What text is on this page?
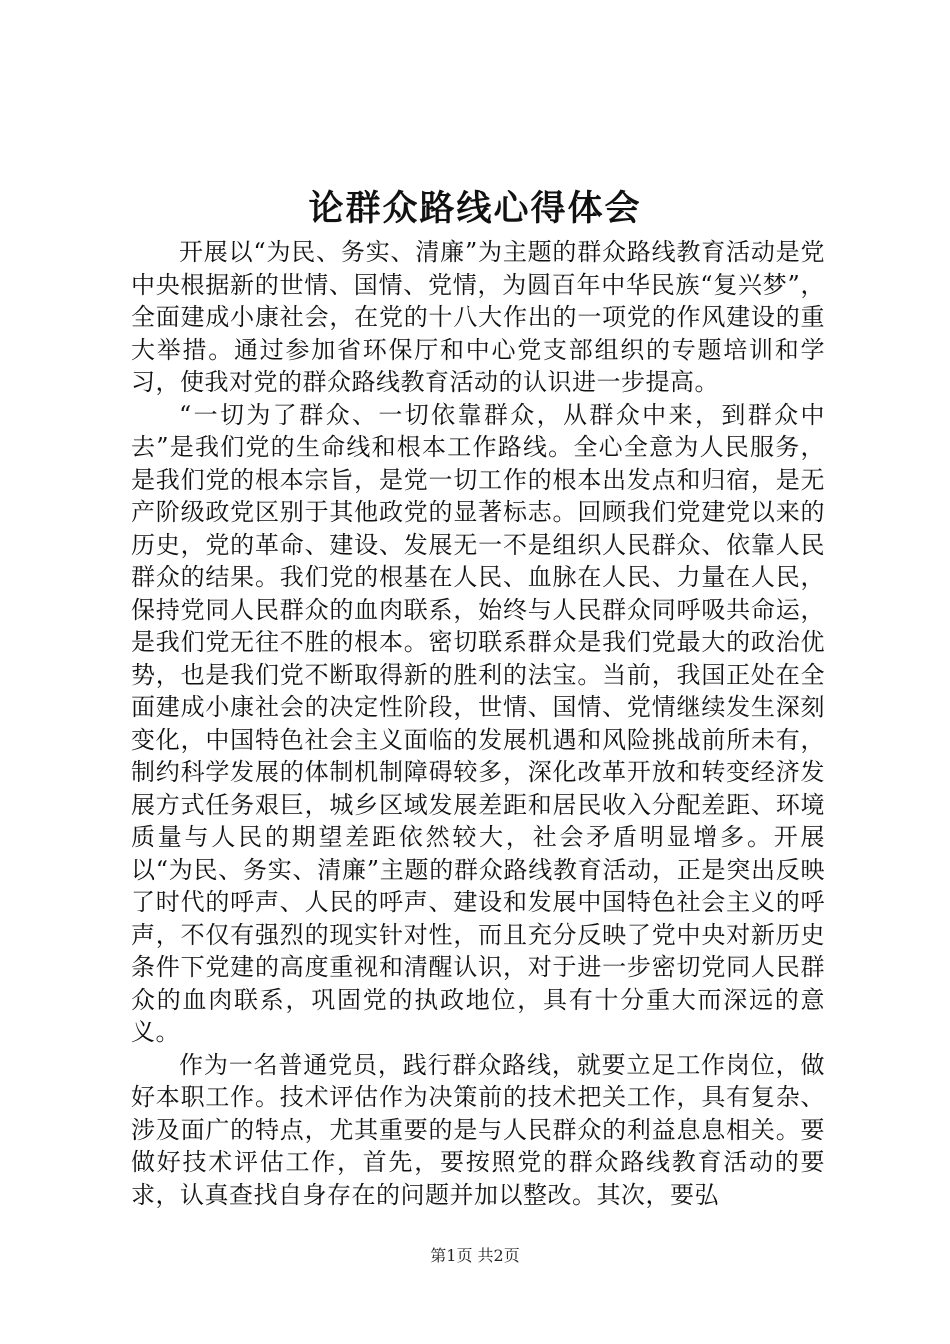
论群众路线心得体会

开展以“为民、务实、清廉”为主题的群众路线教育活动是党中央根据新的世情、国情、党情，为圆百年中华民族“复兴梦”，全面建成小康社会，在党的十八大作出的一项党的作风建设的重大举措。通过参加省环保厅和中心党支部组织的专题培训和学习，使我对党的群众路线教育活动的认识进一步提高。

“一切为了群众、一切依靠群众，从群众中来，到群众中去”是我们党的生命线和根本工作路线。全心全意为人民服务，是我们党的根本宗旨，是党一切工作的根本出发点和归宿，是无产阶级政党区别于其他政党的显著标志。回顾我们党建党以来的历史，党的革命、建设、发展无一不是组织人民群众、依靠人民群众的结果。我们党的根基在人民、血脉在人民、力量在人民，保持党同人民群众的血肉联系，始终与人民群众同呼吸共命运，是我们党无往不胜的根本。密切联系群众是我们党最大的政治优势，也是我们党不断取得新的胜利的法宝。当前，我国正处在全面建成小康社会的决定性阶段，世情、国情、党情继续发生深刻变化，中国特色社会主义面临的发展机遇和风险挑战前所未有，制约科学发展的体制机制障碍较多，深化改革开放和转变经济发展方式任务艰巨，城乡区域发展差距和居民收入分配差距、环境质量与人民的期望差距依然较大，社会矛盾明显增多。开展以“为民、务实、清廉”主题的群众路线教育活动，正是突出反映了时代的呼声、人民的呼声、建设和发展中国特色社会主义的呼声，不仅有强烈的现实针对性，而且充分反映了党中央对新历史条件下党建的高度重视和清醒认识，对于进一步密切党同人民群众的血肉联系，巩固党的执政地位，具有十分重大而深远的意义。

作为一名普通党员，践行群众路线，就要立足工作岗位，做好本职工作。技术评估作为决策前的技术把关工作，具有复杂、涉及面广的特点，尤其重要的是与人民群众的利益息息相关。要做好技术评估工作，首先，要按照党的群众路线教育活动的要求，认真查找自身存在的问题并加以整改。其次，要弘

第1页 共2页
